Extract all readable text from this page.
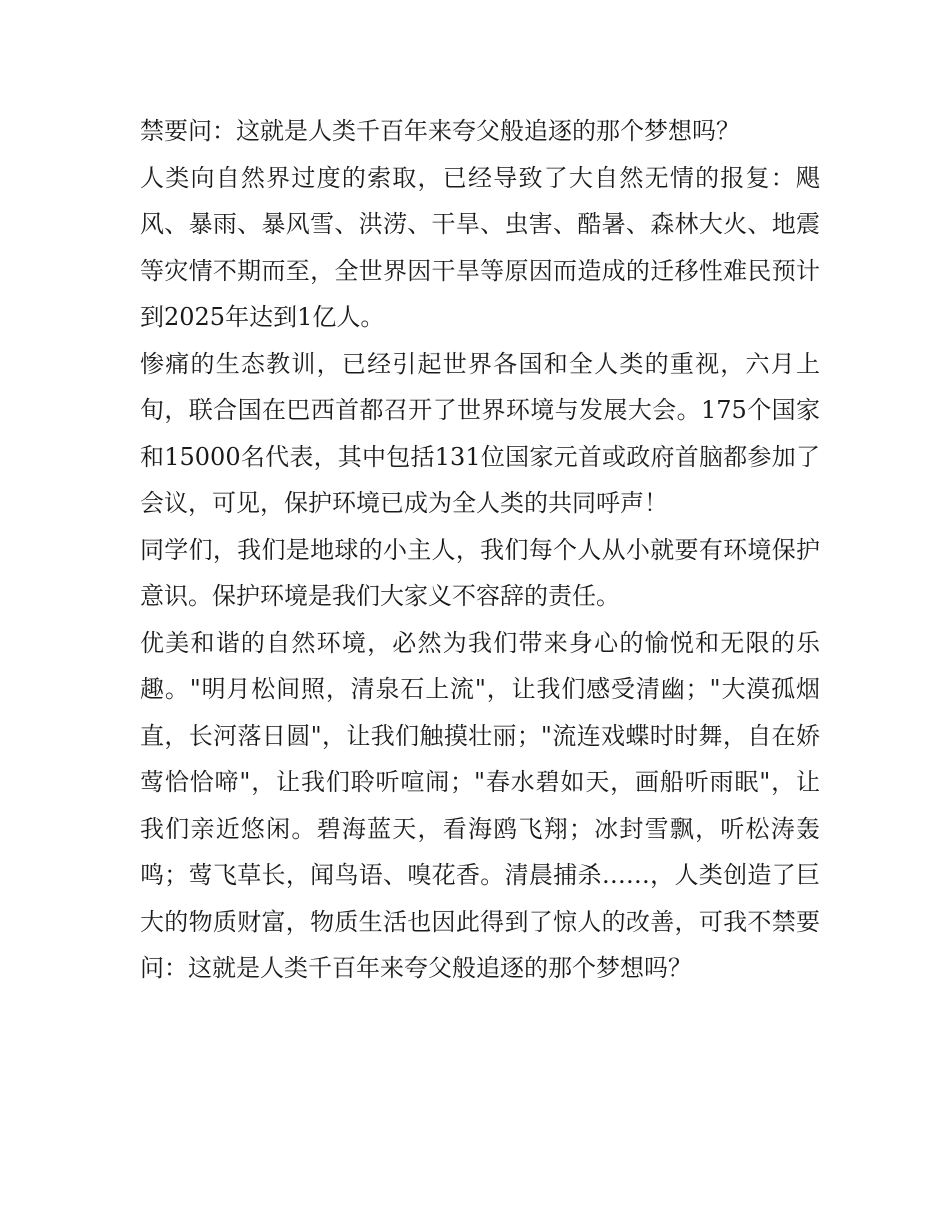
禁要问：这就是人类千百年来夸父般追逐的那个梦想吗？

人类向自然界过度的索取，已经导致了大自然无情的报复：飓风、暴雨、暴风雪、洪涝、干旱、虫害、酷暑、森林大火、地震等灾情不期而至，全世界因干旱等原因而造成的迁移性难民预计到2025年达到1亿人。

惨痛的生态教训，已经引起世界各国和全人类的重视，六月上旬，联合国在巴西首都召开了世界环境与发展大会。175个国家和15000名代表，其中包括131位国家元首或政府首脑都参加了会议，可见，保护环境已成为全人类的共同呼声！

同学们，我们是地球的小主人，我们每个人从小就要有环境保护意识。保护环境是我们大家义不容辞的责任。

优美和谐的自然环境，必然为我们带来身心的愉悦和无限的乐趣。"明月松间照，清泉石上流"，让我们感受清幽；"大漠孤烟直，长河落日圆"，让我们触摸壮丽；"流连戏蝶时时舞，自在娇莺恰恰啼"，让我们聆听喧闹；"春水碧如天，画船听雨眠"，让我们亲近悠闲。碧海蓝天，看海鸥飞翔；冰封雪飘，听松涛轰鸣；莺飞草长，闻鸟语、嗅花香。清晨捕杀……，人类创造了巨大的物质财富，物质生活也因此得到了惊人的改善，可我不禁要问：这就是人类千百年来夸父般追逐的那个梦想吗？
